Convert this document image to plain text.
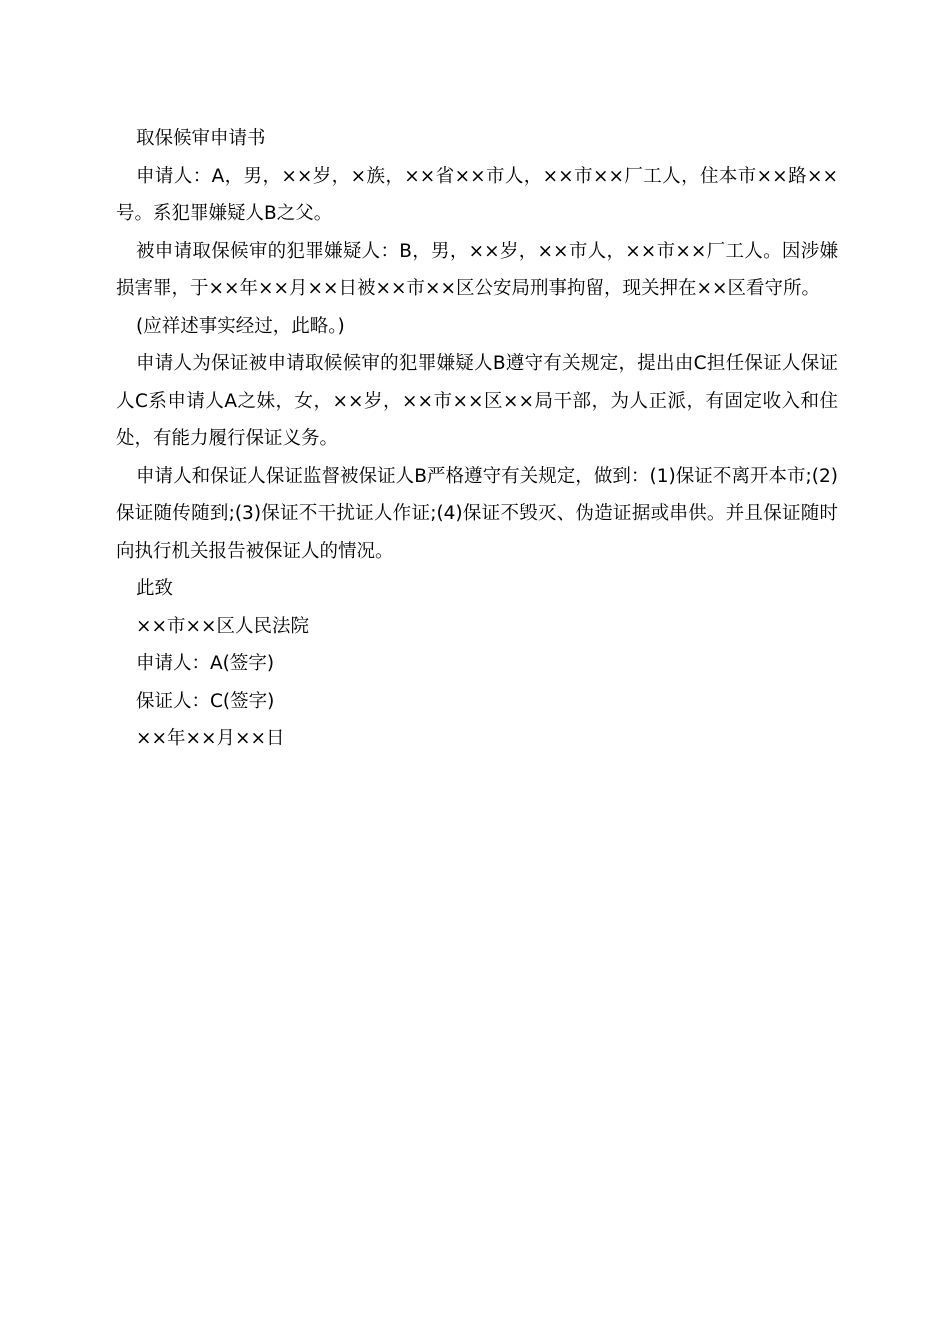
取保候审申请书

申请人：A，男，××岁，×族，××省××市人，××市××厂工人，住本市××路××号。系犯罪嫌疑人B之父。

被申请取保候审的犯罪嫌疑人：B，男，××岁，××市人，××市××厂工人。因涉嫌损害罪，于××年××月××日被××市××区公安局刑事拘留，现关押在××区看守所。

(应祥述事实经过，此略。)

申请人为保证被申请取候候审的犯罪嫌疑人B遵守有关规定，提出由C担任保证人保证人C系申请人A之妹，女，××岁，××市××区××局干部，为人正派，有固定收入和住处，有能力履行保证义务。

申请人和保证人保证监督被保证人B严格遵守有关规定，做到：(1)保证不离开本市;(2)保证随传随到;(3)保证不干扰证人作证;(4)保证不毁灭、伪造证据或串供。并且保证随时向执行机关报告被保证人的情况。

此致

××市××区人民法院

申请人：A(签字)

保证人：C(签字)

××年××月××日
